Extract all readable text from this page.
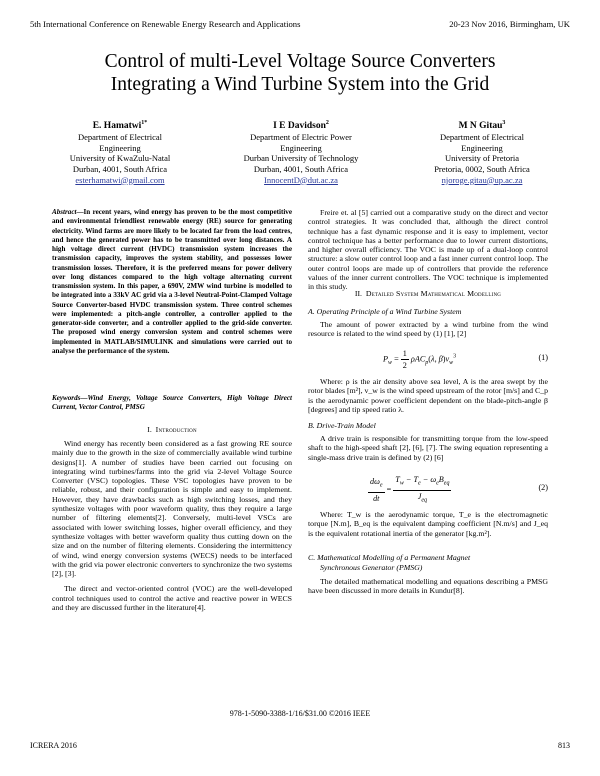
5th International Conference on Renewable Energy Research and Applications	20-23 Nov 2016, Birmingham, UK
Control of multi-Level Voltage Source Converters
Integrating a Wind Turbine System into the Grid
E. Hamatwi$^{1*}$
Department of Electrical
Engineering
University of KwaZulu-Natal
Durban, 4001, South Africa
esterhamatwi@gmail.com
I E Davidson$^2$
Department of Electric Power
Engineering
Durban University of Technology
Durban, 4001, South Africa
InnocentD@dut.ac.za
M N Gitau$^3$
Department of Electrical
Engineering
University of Pretoria
Pretoria, 0002, South Africa
njoroge.gitau@up.ac.za
Abstract—In recent years, wind energy has proven to be the most competitive and environmental friendliest renewable energy (RE) source for generating electricity. Wind farms are more likely to be located far from the load centres, and hence the generated power has to be transmitted over long distances. A high voltage direct current (HVDC) transmission system increases the transmission capacity, improves the system stability, and possesses lower transmission losses. Therefore, it is the preferred means for power delivery over long distances compared to the high voltage alternating current transmission system. In this paper, a 690V, 2MW wind turbine is modelled to be integrated into a 33kV AC grid via a 3-level Neutral-Point-Clamped Voltage Source Converter-based HVDC transmission system. Three control schemes were implemented: a pitch-angle controller, a controller applied to the generator-side converter, and a controller applied to the grid-side converter. The proposed wind energy conversion system and control schemes were implemented in MATLAB/SIMULINK and simulations were carried out to analyse the performance of the system.
Keywords—Wind Energy, Voltage Source Converters, High Voltage Direct Current, Vector Control, PMSG
I. Introduction

Wind energy has recently been considered as a fast growing RE source mainly due to the growth in the size of commercially available wind turbine designs[1]. A number of studies have been carried out focusing on integrating wind turbines/farms into the grid via 2-level Voltage Source Converter (VSC) topologies. These VSC topologies have proven to be reliable, robust, and their configuration is simple and easy to implement. However, they have drawbacks such as high switching losses, and they synthesize voltages with poor waveform quality, thus they require a large number of filtering elements[2]. Conversely, multi-level VSCs are associated with lower switching losses, higher overall efficiency, and they synthesize voltages with better waveform quality thus cutting down on the size and on the number of filtering elements. Considering the intermittency of wind, wind energy conversion systems (WECS) needs to be interfaced with the grid via power electronic converters to synchronize the two systems [2], [3].

The direct and vector-oriented control (VOC) are the well-developed control techniques used to control the active and reactive power in WECS and they are discussed further in the literature[4].

Freire et. al [5] carried out a comparative study on the direct and vector control strategies. It was concluded that, although the direct control technique has a fast dynamic response and it is easy to implement, vector control technique has a better performance due to lower current distortions, and higher overall efficiency. The VOC is made up of a dual-loop control structure: a slow outer control loop and a fast inner current control loop. The outer control loops are made up of controllers that provide the reference values of the inner current controllers. The VOC technique is implemented in this study.

II. Detailed System Mathematical Modelling
A. Operating Principle of a Wind Turbine System

The amount of power extracted by a wind turbine from the wind resource is related to the wind speed by (1) [1], [2]

$P_w = \frac{1}{2} \rho AC_p(\lambda$, $\beta)v_w^3$	(1)

Where: ρ is the air density above sea level, A is the area swept by the rotor blades [m²], v_w is the wind speed upstream of the rotor [m/s] and C_p is the aerodynamic power coefficient dependent on the blade-pitch-angle β [degrees] and tip speed ratio λ.

B. Drive-Train Model

A drive train is responsible for transmitting torque from the low-speed shaft to the high-speed shaft [2], [6], [7]. The swing equation representing a single-mass drive train is defined by (2) [6]

$\frac{d\omega_e}{dt} = \frac{T_w - T_e - \omega_eB_{eq}}{J_{eq}}$	(2)

Where: T_w is the aerodynamic torque, T_e is the electromagnetic torque [N.m], B_eq is the equivalent damping coefficient [N.m/s] and J_eq is the equivalent rotational inertia of the generator [kg.m²].

C. Mathematical Modelling of a Permanent Magnet
Synchronous Generator (PMSG)

The detailed mathematical modelling and equations describing a PMSG have been discussed in more details in Kundur[8].

978-1-5090-3388-1/16/$31.00 ©2016 IEEE
ICRERA 2016	813
